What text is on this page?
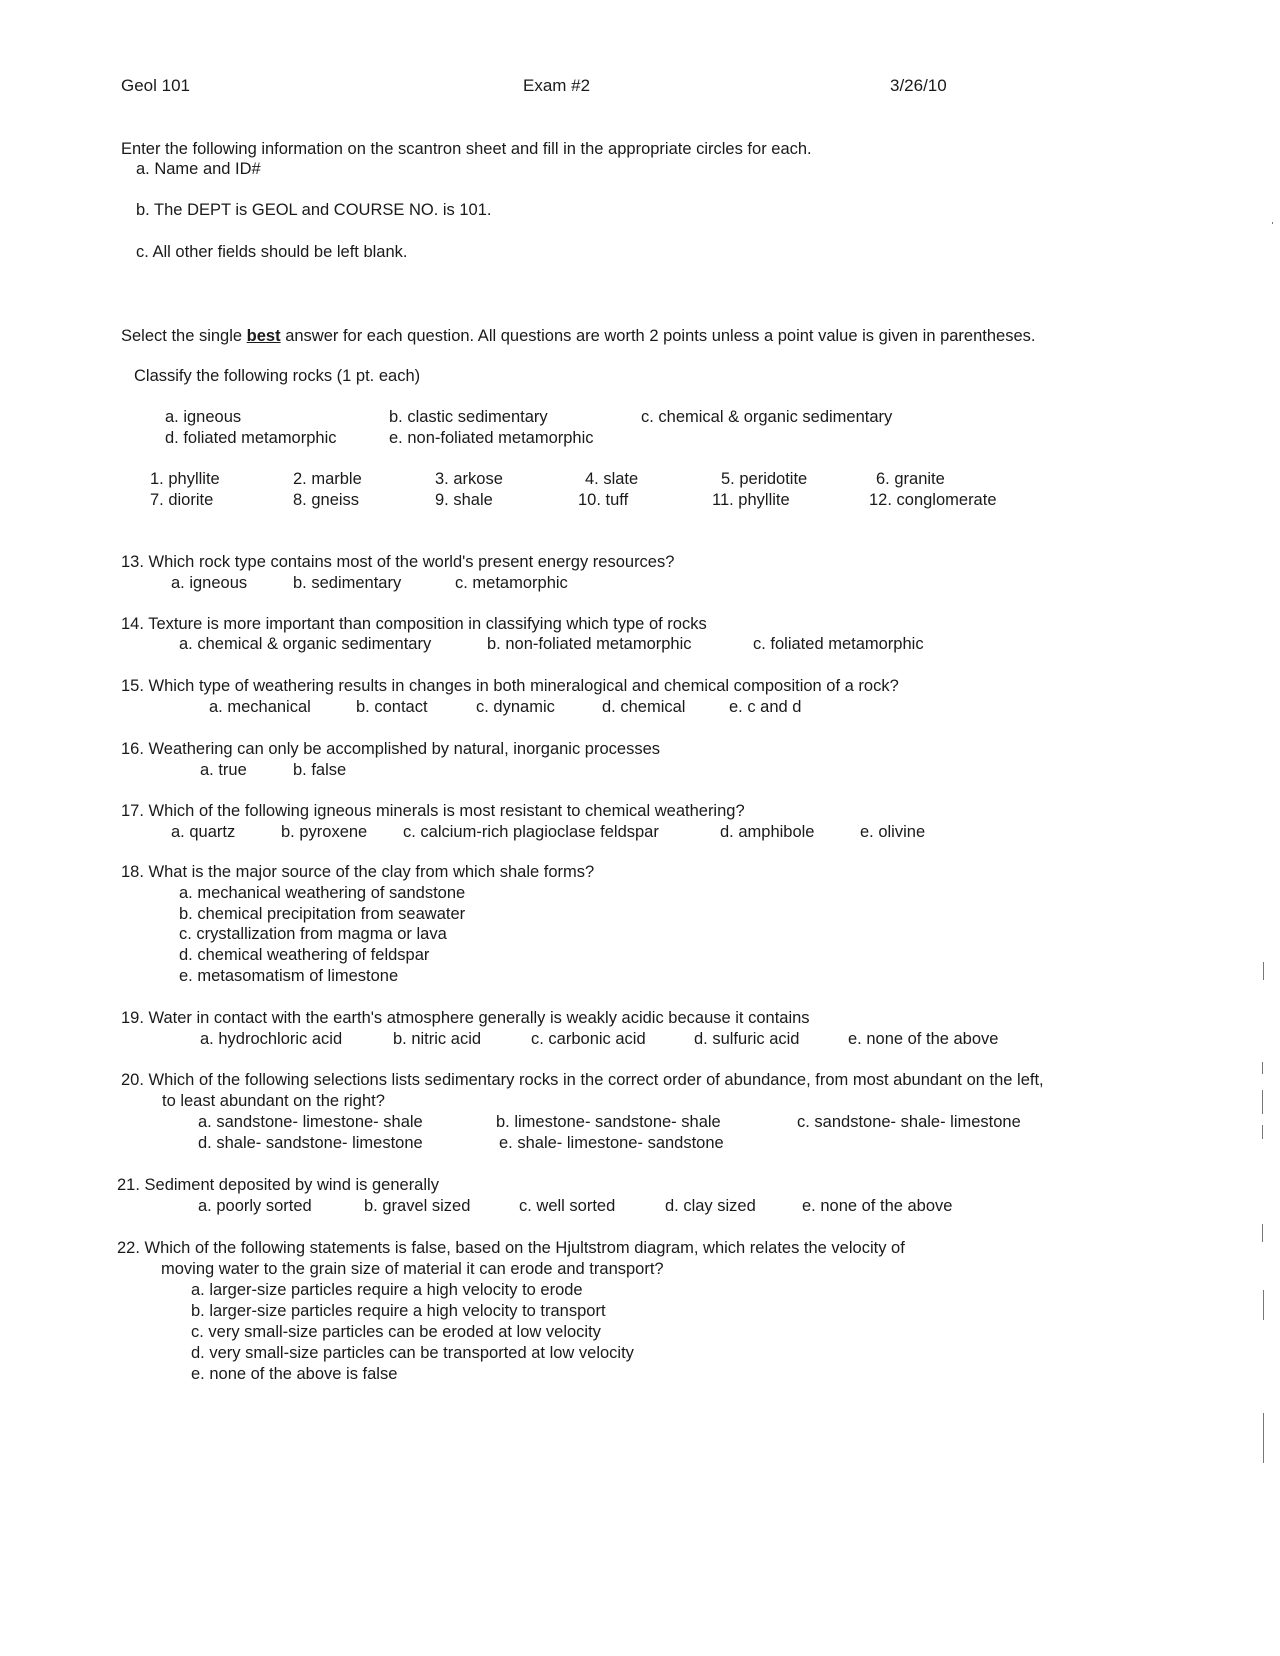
Geol 101	Exam #2	3/26/10
Enter the following information on the scantron sheet and fill in the appropriate circles for each.
a. Name and ID#
b. The DEPT is GEOL and COURSE NO. is 101.
c. All other fields should be left blank.
Select the single best answer for each question. All questions are worth 2 points unless a point value is given in parentheses.
Classify the following rocks (1 pt. each)
a. igneous	b. clastic sedimentary	c. chemical & organic sedimentary
d. foliated metamorphic	e. non-foliated metamorphic
1. phyllite	2. marble	3. arkose	4. slate	5. peridotite	6. granite
7. diorite	8. gneiss	9. shale	10. tuff	11. phyllite	12. conglomerate
13. Which rock type contains most of the world's present energy resources?
a. igneous	b. sedimentary	c. metamorphic
14. Texture is more important than composition in classifying which type of rocks
a. chemical & organic sedimentary	b. non-foliated metamorphic	c. foliated metamorphic
15. Which type of weathering results in changes in both mineralogical and chemical composition of a rock?
a. mechanical	b. contact	c. dynamic	d. chemical	e. c and d
16. Weathering can only be accomplished by natural, inorganic processes
a. true	b. false
17. Which of the following igneous minerals is most resistant to chemical weathering?
a. quartz	b. pyroxene c. calcium-rich plagioclase feldspar	d. amphibole	e. olivine
18. What is the major source of the clay from which shale forms?
a. mechanical weathering of sandstone
b. chemical precipitation from seawater
c. crystallization from magma or lava
d. chemical weathering of feldspar
e. metasomatism of limestone
19. Water in contact with the earth's atmosphere generally is weakly acidic because it contains
a. hydrochloric acid	b. nitric acid	c. carbonic acid	d. sulfuric acid	e. none of the above
20. Which of the following selections lists sedimentary rocks in the correct order of abundance, from most abundant on the left,
to least abundant on the right?
a. sandstone- limestone- shale	b. limestone- sandstone- shale	c. sandstone- shale- limestone
d. shale- sandstone- limestone	e. shale- limestone- sandstone
21. Sediment deposited by wind is generally
a. poorly sorted	b. gravel sized	c. well sorted	d. clay sized	e. none of the above
22. Which of the following statements is false, based on the Hjultstrom diagram, which relates the velocity of
moving water to the grain size of material it can erode and transport?
a. larger-size particles require a high velocity to erode
b. larger-size particles require a high velocity to transport
c. very small-size particles can be eroded at low velocity
d. very small-size particles can be transported at low velocity
e. none of the above is false
